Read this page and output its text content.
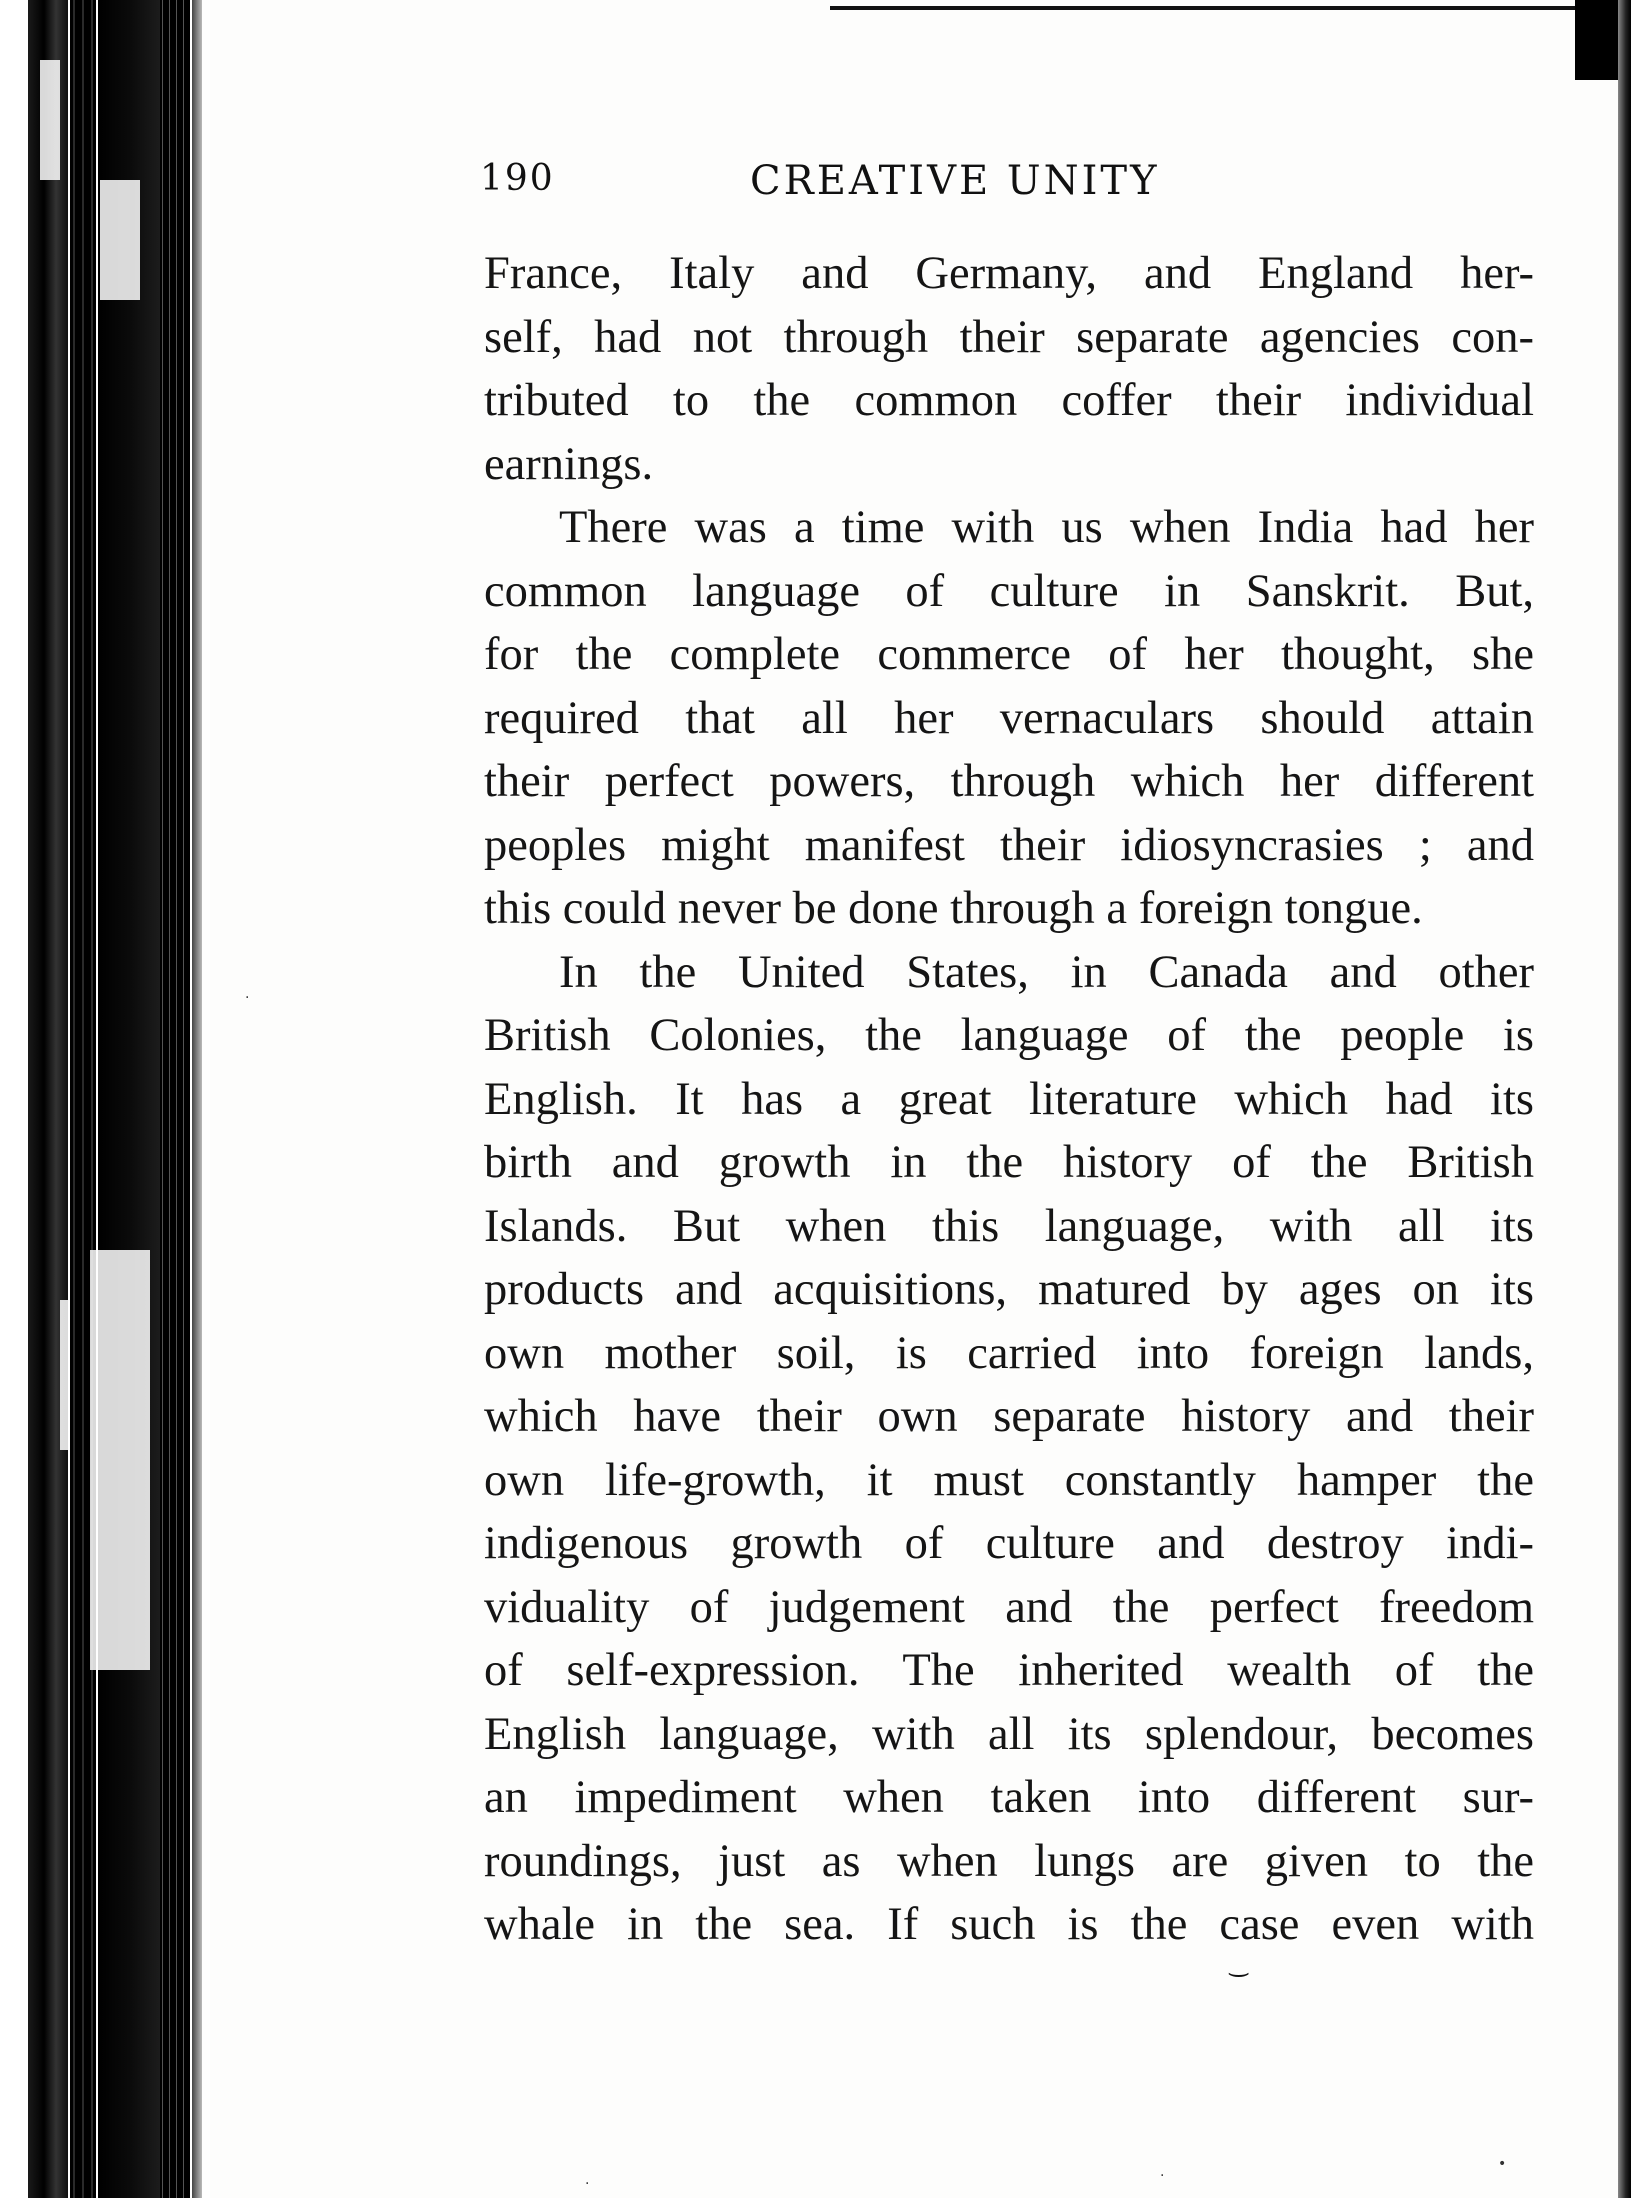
190	CREATIVE UNITY
France, Italy and Germany, and England her-
self, had not through their separate agencies con-
tributed to the common coffer their individual
earnings.
There was a time with us when India had her
common language of culture in Sanskrit. But,
for the complete commerce of her thought, she
required that all her vernaculars should attain
their perfect powers, through which her different
peoples might manifest their idiosyncrasies ; and
this could never be done through a foreign tongue.
In the United States, in Canada and other
British Colonies, the language of the people is
English. It has a great literature which had its
birth and growth in the history of the British
Islands. But when this language, with all its
products and acquisitions, matured by ages on its
own mother soil, is carried into foreign lands,
which have their own separate history and their
own life-growth, it must constantly hamper the
indigenous growth of culture and destroy indi-
viduality of judgement and the perfect freedom
of self-expression. The inherited wealth of the
English language, with all its splendour, becomes
an impediment when taken into different sur-
roundings, just as when lungs are given to the
whale in the sea. If such is the case even with
⌣
•
·
·
·
